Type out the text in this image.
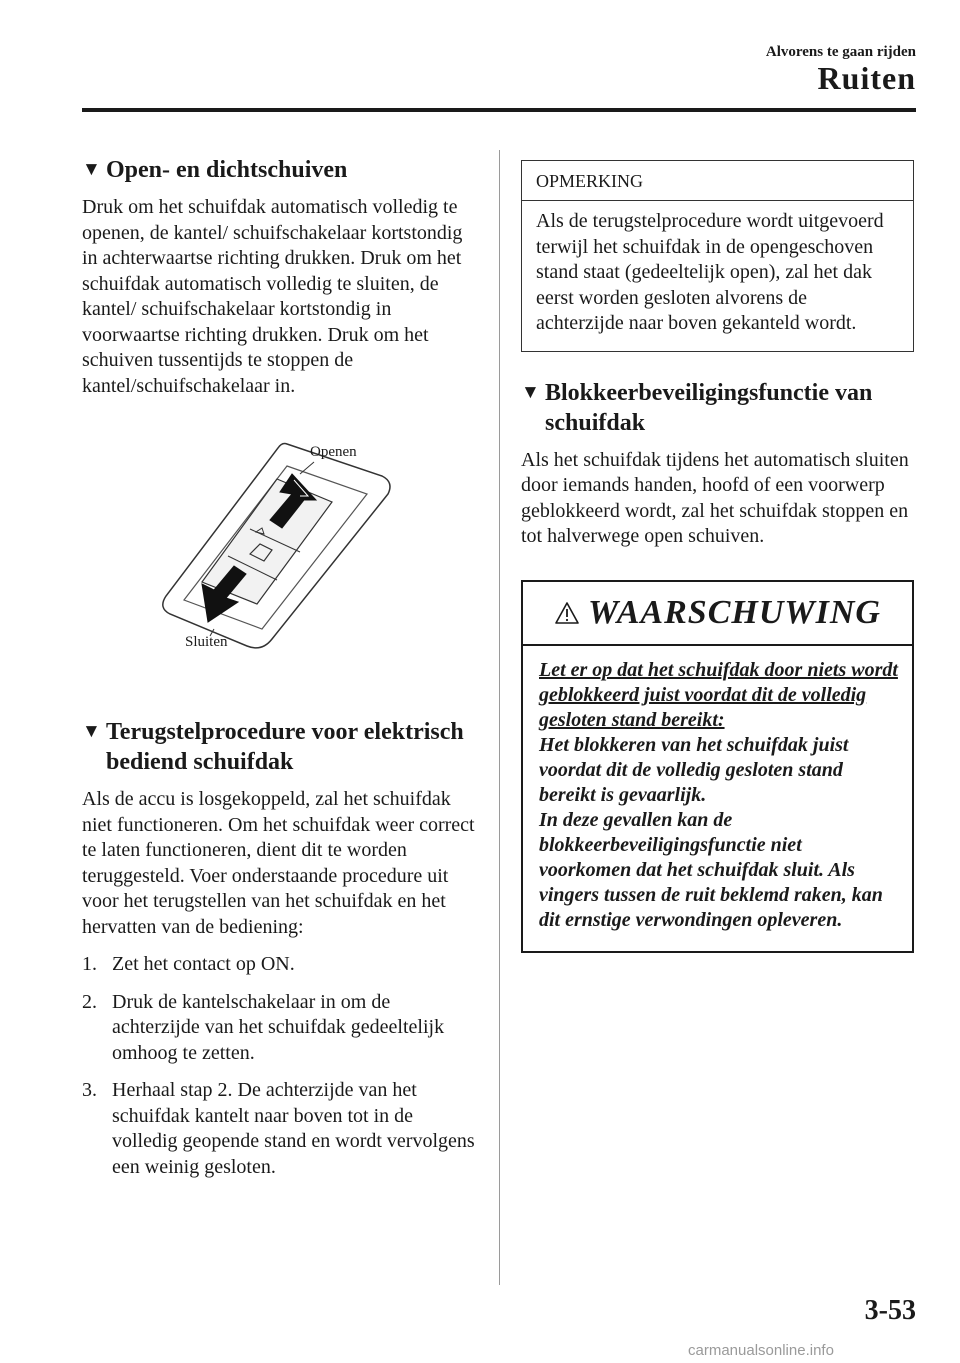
Alvorens te gaan rijden
Ruiten
▼ Open- en dichtschuiven

Druk om het schuifdak automatisch volledig te openen, de kantel/ schuifschakelaar kortstondig in achterwaartse richting drukken. Druk om het schuifdak automatisch volledig te sluiten, de kantel/ schuifschakelaar kortstondig in voorwaartse richting drukken. Druk om het schuiven tussentijds te stoppen de kantel/schuifschakelaar in.

Openen
Sluiten
▼ Terugstelprocedure voor elektrisch bediend schuifdak

Als de accu is losgekoppeld, zal het schuifdak niet functioneren. Om het schuifdak weer correct te laten functioneren, dient dit te worden teruggesteld. Voer onderstaande procedure uit voor het terugstellen van het schuifdak en het hervatten van de bediening:

1. Zet het contact op ON.
2. Druk de kantelschakelaar in om de achterzijde van het schuifdak gedeeltelijk omhoog te zetten.
3. Herhaal stap 2. De achterzijde van het schuifdak kantelt naar boven tot in de volledig geopende stand en wordt vervolgens een weinig gesloten.
OPMERKING
Als de terugstelprocedure wordt uitgevoerd terwijl het schuifdak in de opengeschoven stand staat (gedeeltelijk open), zal het dak eerst worden gesloten alvorens de achterzijde naar boven gekanteld wordt.
▼ Blokkeerbeveiligingsfunctie van schuifdak

Als het schuifdak tijdens het automatisch sluiten door iemands handen, hoofd of een voorwerp geblokkeerd wordt, zal het schuifdak stoppen en tot halverwege open schuiven.

WAARSCHUWING
Let er op dat het schuifdak door niets wordt geblokkeerd juist voordat dit de volledig gesloten stand bereikt:
Het blokkeren van het schuifdak juist voordat dit de volledig gesloten stand bereikt is gevaarlijk.
In deze gevallen kan de blokkeerbeveiligingsfunctie niet voorkomen dat het schuifdak sluit. Als vingers tussen de ruit beklemd raken, kan dit ernstige verwondingen opleveren.
3-53
carmanualsonline.info
